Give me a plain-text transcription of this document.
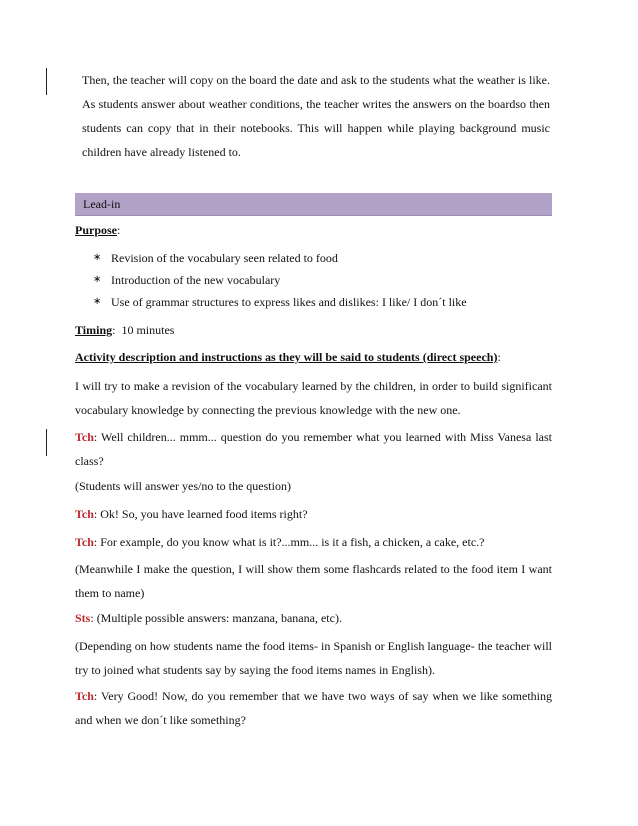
Then, the teacher will copy on the board the date and ask to the students what the weather is like. As students answer about weather conditions, the teacher writes the answers on the boardso then students can copy that in their notebooks. This will happen while playing background music children have already listened to.

Lead-in

Purpose:

∗ Revision of the vocabulary seen related to food
∗ Introduction of the new vocabulary
∗ Use of grammar structures to express likes and dislikes: I like/ I don´t like

Timing:  10 minutes

Activity description and instructions as they will be said to students (direct speech):

I will try to make a revision of the vocabulary learned by the children, in order to build significant vocabulary knowledge by connecting the previous knowledge with the new one.

Tch: Well children... mmm... question do you remember what you learned with Miss Vanesa last class?

(Students will answer yes/no to the question)

Tch: Ok! So, you have learned food items right?

Tch: For example, do you know what is it?...mm... is it a fish, a chicken, a cake, etc.?

(Meanwhile I make the question, I will show them some flashcards related to the food item I want them to name)

Sts: (Multiple possible answers: manzana, banana, etc).

(Depending on how students name the food items- in Spanish or English language- the teacher will try to joined what students say by saying the food items names in English).

Tch: Very Good! Now, do you remember that we have two ways of say when we like something and when we don´t like something?
